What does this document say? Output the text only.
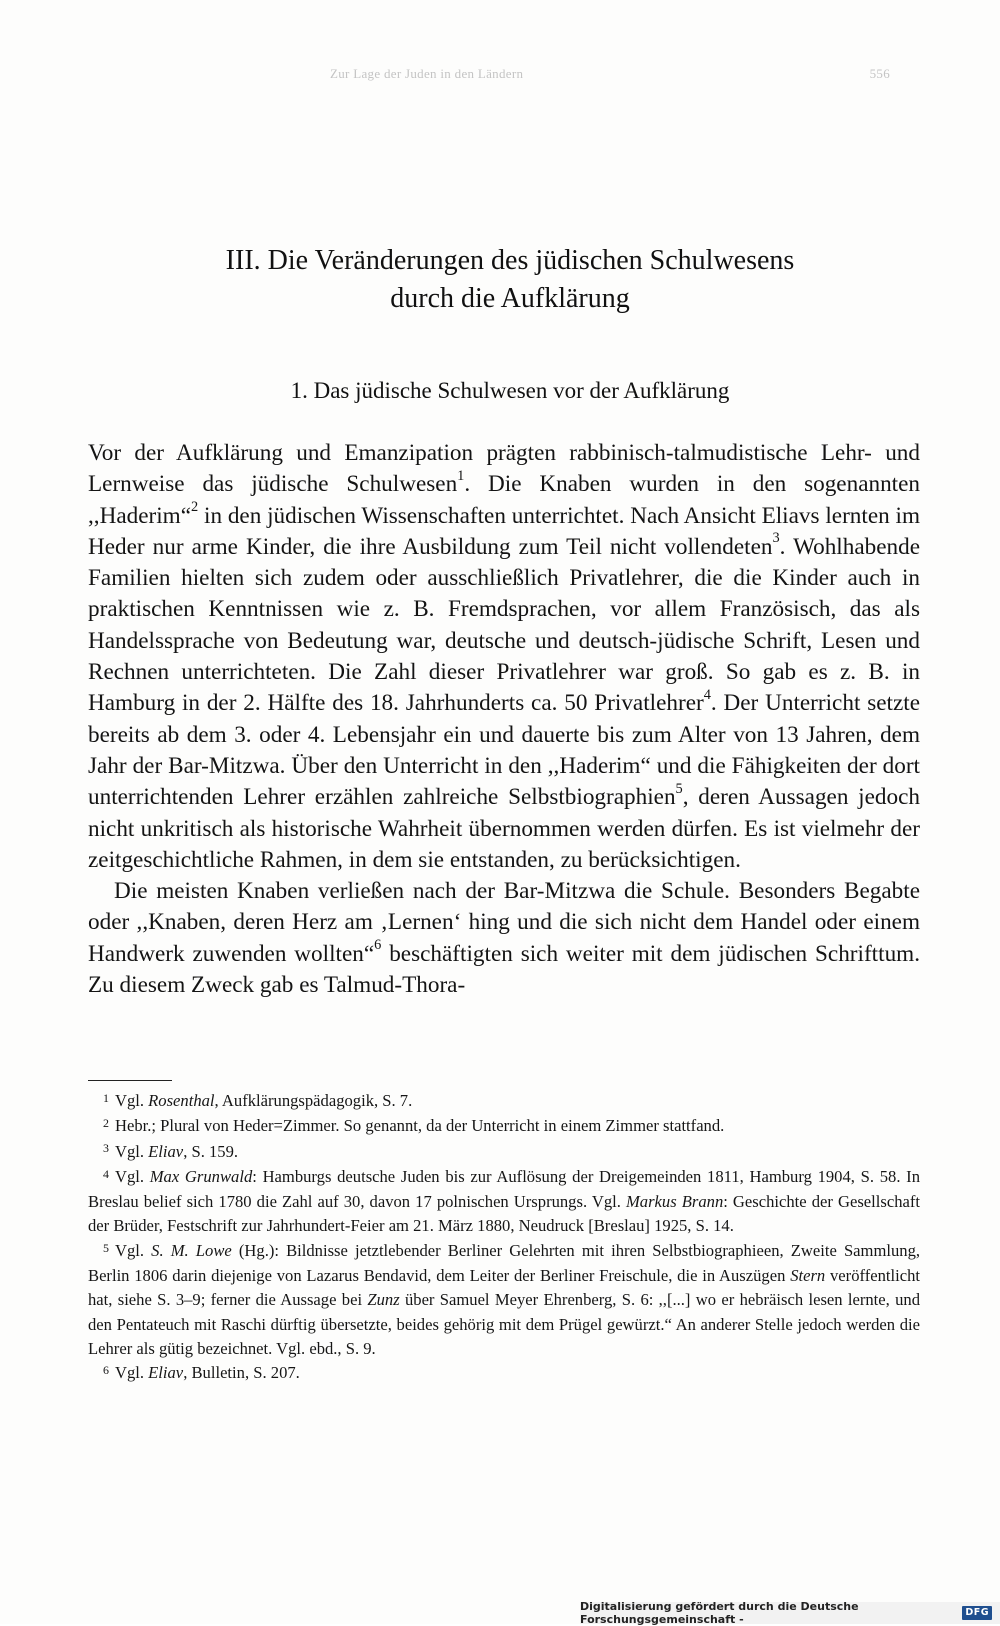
Zur Lage der Juden in den Ländern	556
III. Die Veränderungen des jüdischen Schulwesens
durch die Aufklärung
1. Das jüdische Schulwesen vor der Aufklärung

Vor der Aufklärung und Emanzipation prägten rabbinisch-talmudistische Lehr- und Lernweise das jüdische Schulwesen$^1$. Die Knaben wurden in den sogenannten ,,Haderim“$^2$ in den jüdischen Wissenschaften unterrichtet. Nach Ansicht Eliavs lernten im Heder nur arme Kinder, die ihre Ausbildung zum Teil nicht vollendeten$^3$. Wohlhabende Familien hielten sich zudem oder ausschließlich Privatlehrer, die die Kinder auch in praktischen Kenntnissen wie z. B. Fremdsprachen, vor allem Französisch, das als Handelssprache von Bedeutung war, deutsche und deutsch-jüdische Schrift, Lesen und Rechnen unterrichteten. Die Zahl dieser Privatlehrer war groß. So gab es z. B. in Hamburg in der 2. Hälfte des 18. Jahrhunderts ca. 50 Privatlehrer$^4$. Der Unterricht setzte bereits ab dem 3. oder 4. Lebensjahr ein und dauerte bis zum Alter von 13 Jahren, dem Jahr der Bar-Mitzwa. Über den Unterricht in den ,,Haderim“ und die Fähigkeiten der dort unterrichtenden Lehrer erzählen zahlreiche Selbstbiographien$^5$, deren Aussagen jedoch nicht unkritisch als historische Wahrheit übernommen werden dürfen. Es ist vielmehr der zeitgeschichtliche Rahmen, in dem sie entstanden, zu berücksichtigen.

Die meisten Knaben verließen nach der Bar-Mitzwa die Schule. Besonders Begabte oder ,,Knaben, deren Herz am ‚Lernen‘ hing und die sich nicht dem Handel oder einem Handwerk zuwenden wollten“$^6$ beschäftigten sich weiter mit dem jüdischen Schrifttum. Zu diesem Zweck gab es Talmud-Thora-

$^1$ Vgl. Rosenthal, Aufklärungspädagogik, S. 7.

$^2$ Hebr.; Plural von Heder=Zimmer. So genannt, da der Unterricht in einem Zimmer stattfand.

$^3$ Vgl. Eliav, S. 159.

$^4$ Vgl. Max Grunwald: Hamburgs deutsche Juden bis zur Auflösung der Dreigemeinden 1811, Hamburg 1904, S. 58. In Breslau belief sich 1780 die Zahl auf 30, davon 17 polnischen Ursprungs. Vgl. Markus Brann: Geschichte der Gesellschaft der Brüder, Festschrift zur Jahrhundert-Feier am 21. März 1880, Neudruck [Breslau] 1925, S. 14.

$^5$ Vgl. S. M. Lowe (Hg.): Bildnisse jetztlebender Berliner Gelehrten mit ihren Selbstbiographieen, Zweite Sammlung, Berlin 1806 darin diejenige von Lazarus Bendavid, dem Leiter der Berliner Freischule, die in Auszügen Stern veröffentlicht hat, siehe S. 3–9; ferner die Aussage bei Zunz über Samuel Meyer Ehrenberg, S. 6: ,,[...] wo er hebräisch lesen lernte, und den Pentateuch mit Raschi dürftig übersetzte, beides gehörig mit dem Prügel gewürzt.“ An anderer Stelle jedoch werden die Lehrer als gütig bezeichnet. Vgl. ebd., S. 9.

$^6$ Vgl. Eliav, Bulletin, S. 207.

Digitalisierung gefördert durch die Deutsche Forschungsgemeinschaft -
DFG
